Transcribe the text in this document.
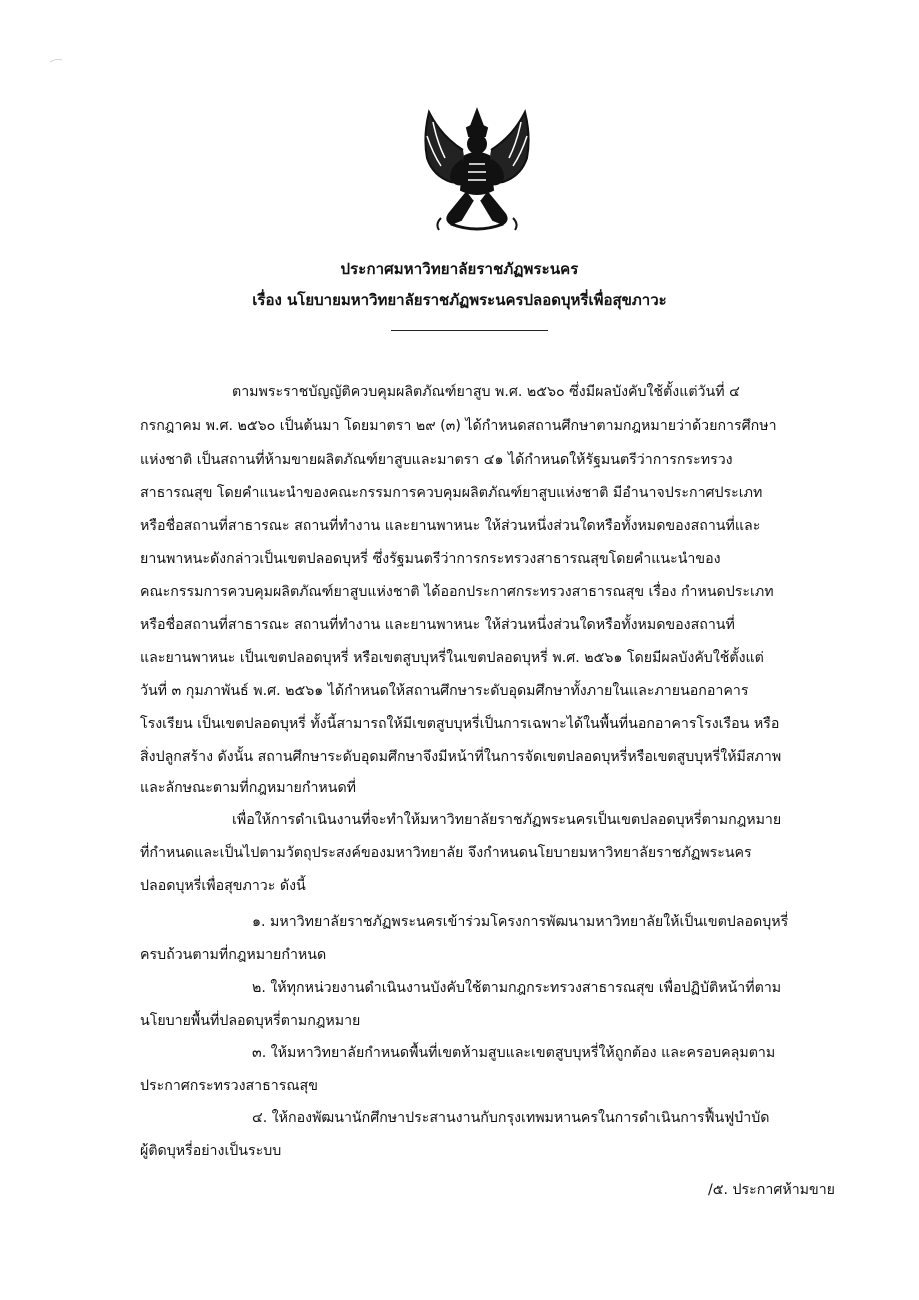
ประกาศมหาวิทยาลัยราชภัฏพระนคร
เรื่อง นโยบายมหาวิทยาลัยราชภัฏพระนครปลอดบุหรี่เพื่อสุขภาวะ
ตามพระราชบัญญัติควบคุมผลิตภัณฑ์ยาสูบ พ.ศ. ๒๕๖๐ ซึ่งมีผลบังคับใช้ตั้งแต่วันที่ ๔
กรกฎาคม พ.ศ. ๒๕๖๐ เป็นต้นมา โดยมาตรา ๒๙ (๓) ได้กำหนดสถานศึกษาตามกฎหมายว่าด้วยการศึกษา
แห่งชาติ เป็นสถานที่ห้ามขายผลิตภัณฑ์ยาสูบและมาตรา ๔๑ ได้กำหนดให้รัฐมนตรีว่าการกระทรวง
สาธารณสุข โดยคำแนะนำของคณะกรรมการควบคุมผลิตภัณฑ์ยาสูบแห่งชาติ มีอำนาจประกาศประเภท
หรือชื่อสถานที่สาธารณะ สถานที่ทำงาน และยานพาหนะ ให้ส่วนหนึ่งส่วนใดหรือทั้งหมดของสถานที่และ
ยานพาหนะดังกล่าวเป็นเขตปลอดบุหรี่ ซึ่งรัฐมนตรีว่าการกระทรวงสาธารณสุขโดยคำแนะนำของ
คณะกรรมการควบคุมผลิตภัณฑ์ยาสูบแห่งชาติ ได้ออกประกาศกระทรวงสาธารณสุข เรื่อง กำหนดประเภท
หรือชื่อสถานที่สาธารณะ สถานที่ทำงาน และยานพาหนะ ให้ส่วนหนึ่งส่วนใดหรือทั้งหมดของสถานที่
และยานพาหนะ เป็นเขตปลอดบุหรี่ หรือเขตสูบบุหรี่ในเขตปลอดบุหรี่ พ.ศ. ๒๕๖๑ โดยมีผลบังคับใช้ตั้งแต่
วันที่ ๓ กุมภาพันธ์ พ.ศ. ๒๕๖๑ ได้กำหนดให้สถานศึกษาระดับอุดมศึกษาทั้งภายในและภายนอกอาคาร
โรงเรียน เป็นเขตปลอดบุหรี่ ทั้งนี้สามารถให้มีเขตสูบบุหรี่เป็นการเฉพาะได้ในพื้นที่นอกอาคารโรงเรือน หรือ
สิ่งปลูกสร้าง ดังนั้น สถานศึกษาระดับอุดมศึกษาจึงมีหน้าที่ในการจัดเขตปลอดบุหรี่หรือเขตสูบบุหรี่ให้มีสภาพ
และลักษณะตามที่กฎหมายกำหนดที่
เพื่อให้การดำเนินงานที่จะทำให้มหาวิทยาลัยราชภัฏพระนครเป็นเขตปลอดบุหรี่ตามกฎหมาย
ที่กำหนดและเป็นไปตามวัตถุประสงค์ของมหาวิทยาลัย จึงกำหนดนโยบายมหาวิทยาลัยราชภัฏพระนคร
ปลอดบุหรี่เพื่อสุขภาวะ ดังนี้
๑. มหาวิทยาลัยราชภัฏพระนครเข้าร่วมโครงการพัฒนามหาวิทยาลัยให้เป็นเขตปลอดบุหรี่
ครบถ้วนตามที่กฎหมายกำหนด
๒. ให้ทุกหน่วยงานดำเนินงานบังคับใช้ตามกฎกระทรวงสาธารณสุข เพื่อปฏิบัติหน้าที่ตาม
นโยบายพื้นที่ปลอดบุหรี่ตามกฎหมาย
๓. ให้มหาวิทยาลัยกำหนดพื้นที่เขตห้ามสูบและเขตสูบบุหรี่ให้ถูกต้อง และครอบคลุมตาม
ประกาศกระทรวงสาธารณสุข
๔. ให้กองพัฒนานักศึกษาประสานงานกับกรุงเทพมหานครในการดำเนินการฟื้นฟูบำบัด
ผู้ติดบุหรี่อย่างเป็นระบบ
/๕. ประกาศห้ามขาย
